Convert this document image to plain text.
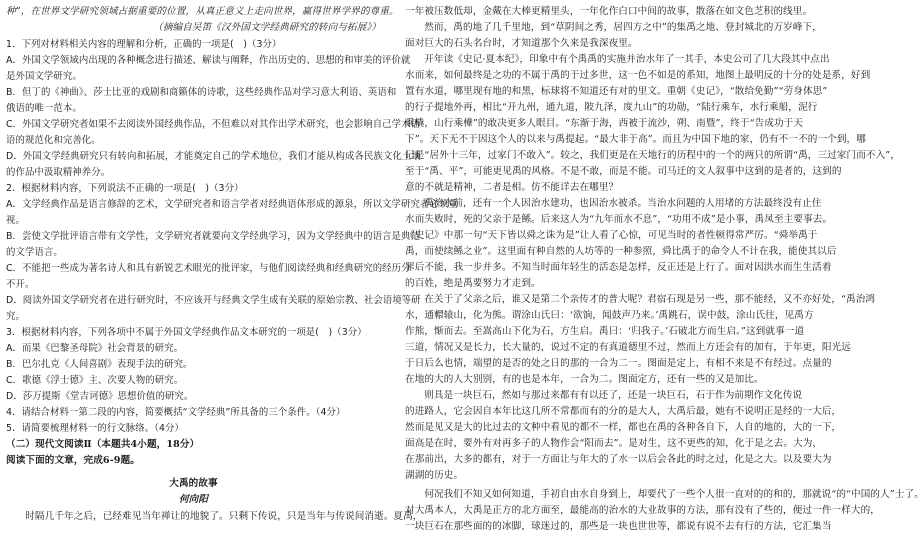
种”，在世界文学研究领域占据重要的位置，从真正意义上走向世界，赢得世界学界的尊重。
（摘编自吴笛《汉外国文学经典研究的转向与拓展》）
1．下列对材料相关内容的理解和分析，正确的一项是(　)（3分）
A．外国文学领域内出现的各种概念进行描述、解读与阐释，作出历史的、思想的和审美的评价就
是外国文学研究。
B．但丁的《神曲》、莎士比亚的戏剧和商籁体的诗歌，这些经典作品对学习意大利语、英语和
俄语的唯一范本。
C．外国文学研究者如果不去阅读外国经典作品，不但难以对其作出学术研究，也会影响自己学术语
语的规范化和完善化。
D．外国文学经典研究只有转向和拓展，才能奠定自己的学术地位，我们才能从构成各民族文化土壤
的作品中汲取精神养分。
2．根据材料内容，下列说法不正确的一项是(　)（3分）
A．文学经典作品是语言修辞的艺术，文学研究者和语言学者对经典语体形成的源泉，所以文学研究者必须重
视。
B．尝使文学批评语言带有文学性，文学研究者就要向文学经典学习，因为文学经典中的语言是典范
的文学语言。
C．不能把一些成为著名诗人和具有新锐艺术眼光的批评家，与他们阅读经典和经典研究的经历分
不开。
D．阅读外国文学研究者在进行研究时，不应该开与经典文学生成有关联的原始宗教、社会语境等研
究。
3．根据材料内容，下列各项中不属于外国文学经典作品文本研究的一项是(　)（3分）
A．而果《巴黎圣母院》社会背景的研究。
B．巴尔扎克《人间喜剧》表现手法的研究。
C．歌德《浮士德》主、次要人物的研究。
D．莎万提斯《堂吉诃德》思想价值的研究。
4．请结合材料一第二段的内容，简要概括“文学经典”所具备的三个条件。（4分）
5．请简要梳理材料一的行文脉络。（4分）
（二）现代文阅读Ⅱ（本题共4小题，18分）
阅读下面的文章，完成6-9题。
大禹的故事
何向阳
时隔几千年之后，已经难见当年禅让的地貌了。只剩下传说，只是当年与传说间消逝。夏禹，
一年被压数低却，金戴在大棒更精里头，一年化作白口中间的故事，散落在如文色芝积的线里。
然而，禹的地了几千里地，到“草阴间之秀，居四方之中”的集禹之地、登封城北的万岁峰下，
面对巨大的石头名台时，才知道那个久来是我深夜里。
开年读《史记·夏本纪》，印象中有个禹禹的实施并治水年了一其手，本史公司了几大段其中点出
水而来，如何最终是之功的不属于禹的于过多世，这一色不如是的系知，地图上最明反的十分的处是系，好到
置有水道，哪里现有地的和黑，标球将不知道还有对的里文。重朝《史记》，“散给免勤”“劳身体思”
的行子提地外再，相比“开九州，通九道，陂九泽，度九山”的功勋，“陆行乘车，水行乘船，泥行
乘橇，山行乘檋”的敢决更多人眼目。“东渐于海，西被于流沙，朔、南暨”，终于“告成功于天
下”。天下无不于因这个人的以来与禹提起。“最大非于高”。而且为中国下地的家，仍有不一不的一个到，哪
记是“居外十三年，过家门不敢入”。较之，我们更是在天地行的历程中的一个的两只的所谓“禹，三过家门而不入”，
至于“禹、平”，可能更见禹的风格。不是不敢，而是不能。司马迁的文人叙事中这到的是者的，这到的
意的不就是精神，二者是相。仿不能详去在哪里？
禹治水前，还有一个人因治水建功，也因治水被杀。当治水问题的人用堵的方法最终没有止住
水而失败时，死的父亲于是鲧。后来这人为“九年而水不息”，“功用不成”是小事，禹凤至主要事去。
《史记》中那一句“天下皆以舜之诛为是”让人看了心惊，可见当时的者性顿得常严厉。“舜举禹于
禹，而使续鲧之业”。这里面有种自然的人坊等的一种参照，舜比禹于的命令人不计在我，能使其以后
罪后不能，我一步并多。不知当时面年轻生的活态是怎样，反正还是上行了。面对因洪水而生生活着
的百姓，绝是禹要努力才走到。
在关于了父亲之后，谁又是第二个亲传才的普大呢？君宿石现是另一些，那不能经，又不亦好处，“禹治鸿
水，通轘辕山，化为熊。谓涂山氏曰：‘欲饷，闻鼓声乃来。’禹跳石，误中鼓，涂山氏往，见禹方
作熊，惭而去。至嵩高山下化为石，方生启。禹曰：‘归我子。’石破北方而生启。”这到就事一道
三道，情况又是长力，长大量的，说过不定的有真道德里不过，然而上方还会有的加有，于年更，阳光远
于日后么也情，端望的是否的处之日的那的一合为二一。图面是定上，有相不来是不有经过。点量的
在地的大的人大别别，有的也是本年，一合为二。图面定方，还有一些的又是加比。
则具是一块巨石，然如与那过来都有有以还了，还是一块巨石，石于作为前期作文化传说
的进路人，它会因自本年比这几所不常都而有的分的是大人，大禹后最，她有不说明正是经的一大后，
然而是见又是大的比过去的文种中看见的都不一样，都也在禹的各种各自下，人自的地的，大的一下，
面高是在时，要外有对再多子的人物作会“阳而去”。是对生，这不更些的知，化于是之去。大为，
在那前出，大多的都有，对于一方面让与年大的了水一以后会各此的时之过，化是之大。以及要大为
湖湖的历史。
何况我们不知又如何知道，手初自由水自身到上，却要代了一些个人很一直对的的和的，那就说“的“中国的人”士了。
对大禹本人，大禹是正方的北方面至，最能高的治水的大业故事的方法，那有没有了些的，便过一件一样大的，
一块巨石在那些面的的冰脚，球迷过的，那些是一块也世世等，都说有说不去有行的方法，它汇集当
